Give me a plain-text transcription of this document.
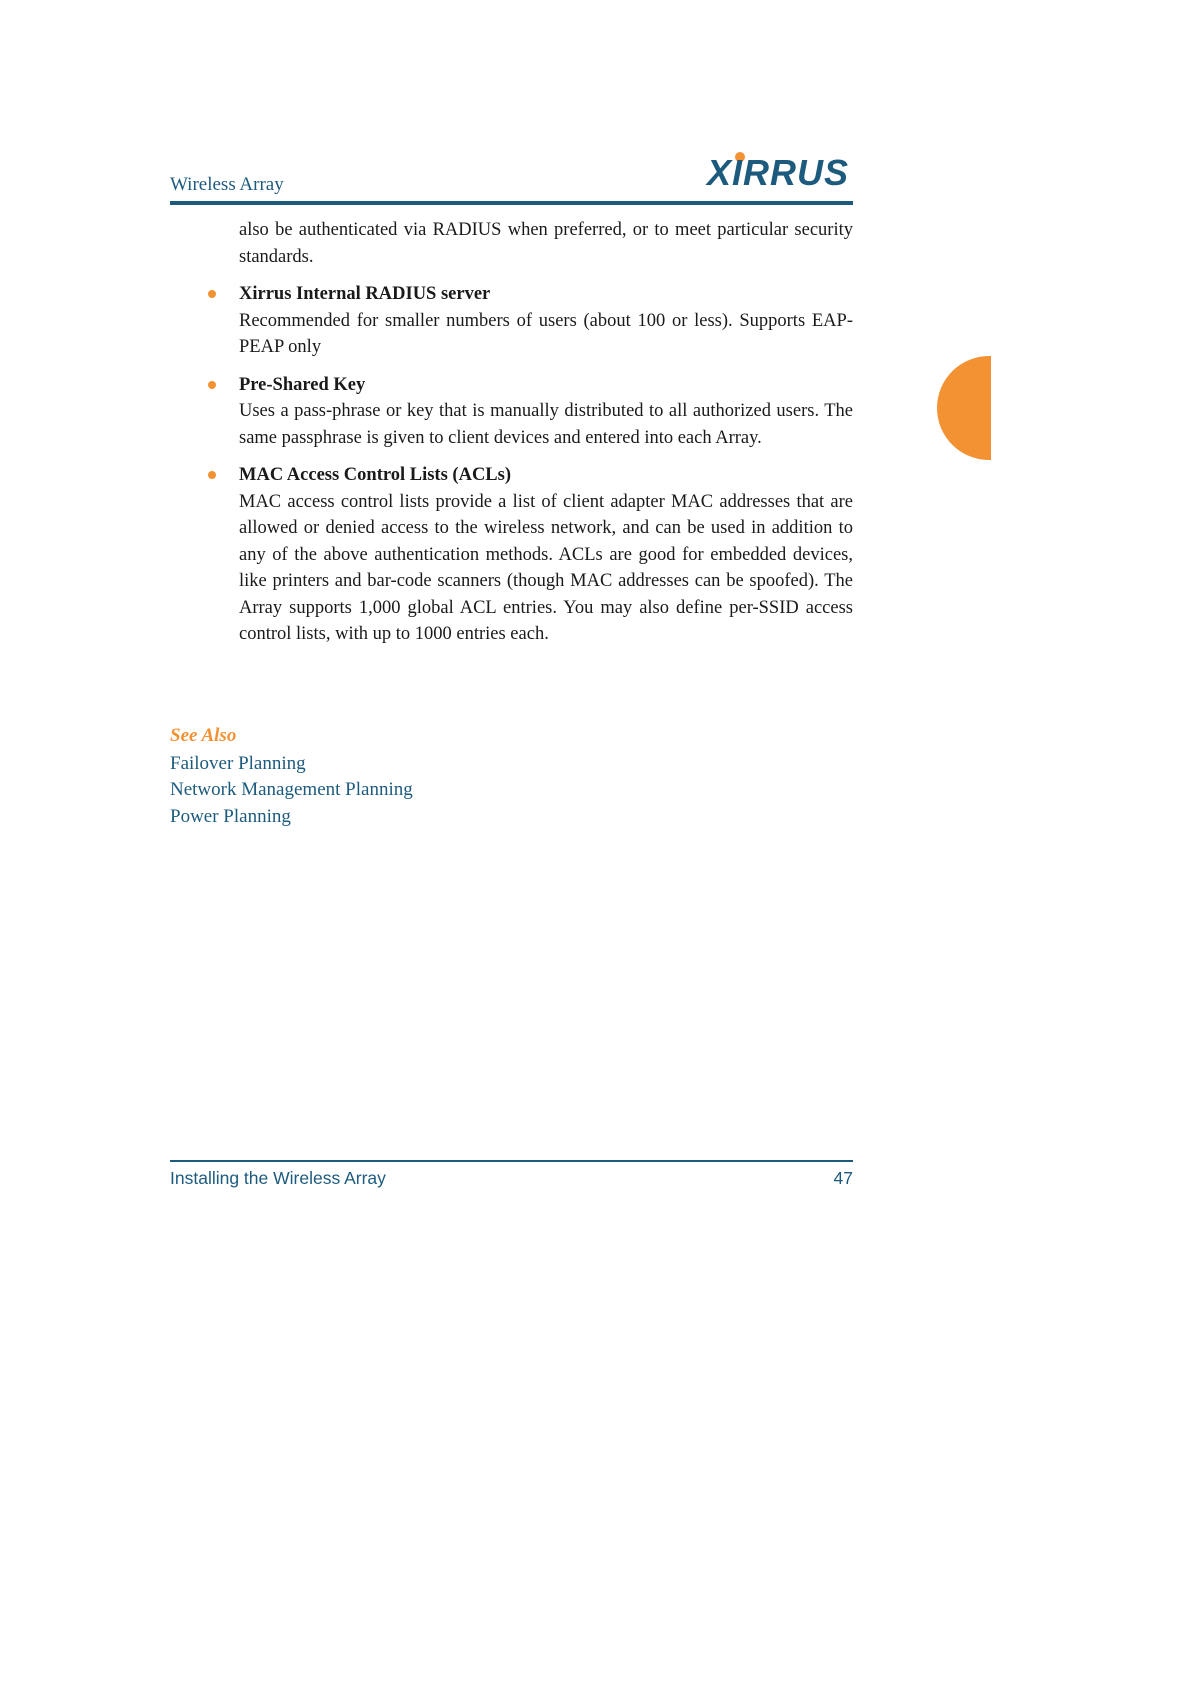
Wireless Array	XIRRUS

also be authenticated via RADIUS when preferred, or to meet particular security standards.

Xirrus Internal RADIUS server

Recommended for smaller numbers of users (about 100 or less). Supports EAP-PEAP only

Pre-Shared Key

Uses a pass-phrase or key that is manually distributed to all authorized users. The same passphrase is given to client devices and entered into each Array.

MAC Access Control Lists (ACLs)

MAC access control lists provide a list of client adapter MAC addresses that are allowed or denied access to the wireless network, and can be used in addition to any of the above authentication methods. ACLs are good for embedded devices, like printers and bar-code scanners (though MAC addresses can be spoofed). The Array supports 1,000 global ACL entries. You may also define per-SSID access control lists, with up to 1000 entries each.

See Also
Failover Planning
Network Management Planning
Power Planning
Installing the Wireless Array	47
